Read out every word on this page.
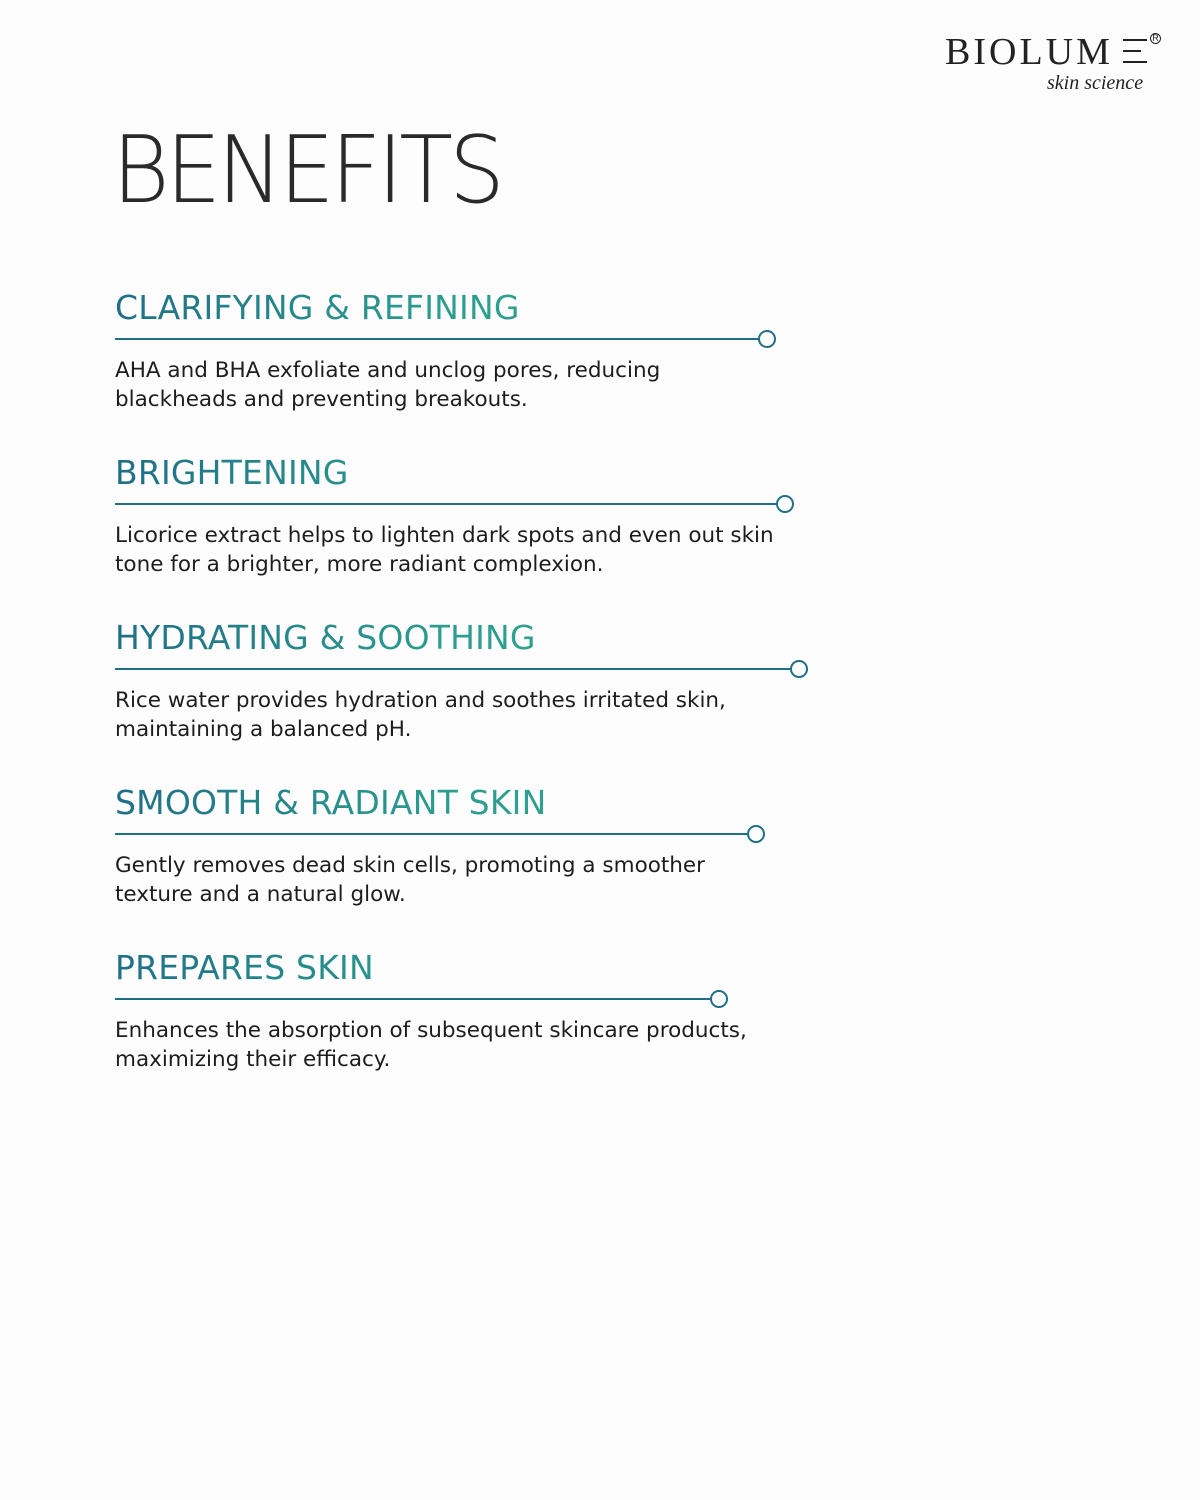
BIOLUM	R
skin science
BENEFITS
CLARIFYING & REFINING

AHA and BHA exfoliate and unclog pores, reducing blackheads and preventing breakouts.

BRIGHTENING

Licorice extract helps to lighten dark spots and even out skin tone for a brighter, more radiant complexion.

HYDRATING & SOOTHING

Rice water provides hydration and soothes irritated skin, maintaining a balanced pH.

SMOOTH & RADIANT SKIN

Gently removes dead skin cells, promoting a smoother texture and a natural glow.

PREPARES SKIN

Enhances the absorption of subsequent skincare products, maximizing their efficacy.
